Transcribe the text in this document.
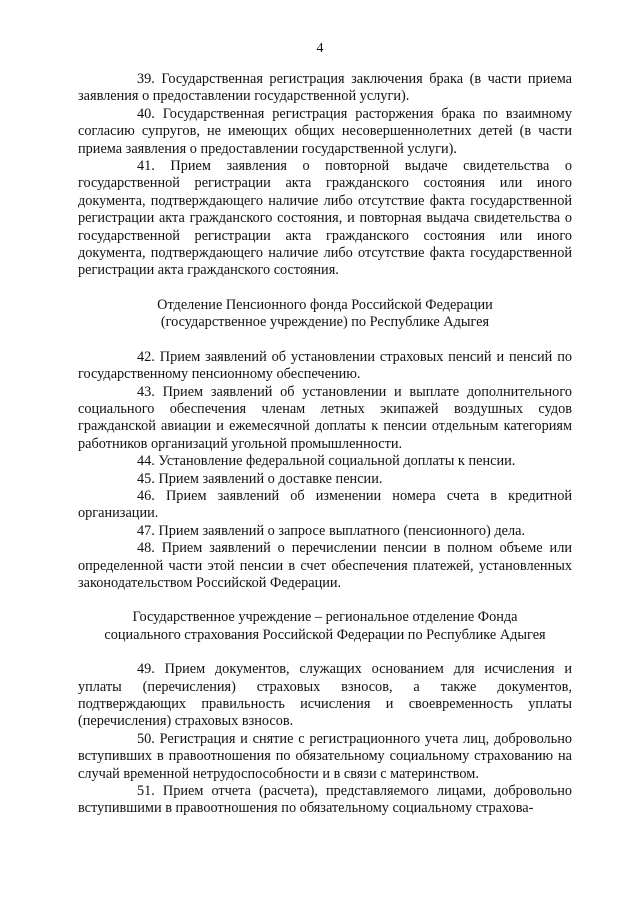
4

39. Государственная регистрация заключения брака (в части приема заявления о предоставлении государственной услуги).

40. Государственная регистрация расторжения брака по взаимному согласию супругов, не имеющих общих несовершеннолетних детей (в части приема заявления о предоставлении государственной услуги).

41. Прием заявления о повторной выдаче свидетельства о государственной регистрации акта гражданского состояния или иного документа, подтверждающего наличие либо отсутствие факта государственной регистрации акта гражданского состояния, и повторная выдача свидетельства о государственной регистрации акта гражданского состояния или иного документа, подтверждающего наличие либо отсутствие факта государственной регистрации акта гражданского состояния.

Отделение Пенсионного фонда Российской Федерации

(государственное учреждение) по Республике Адыгея

42. Прием заявлений об установлении страховых пенсий и пенсий по государственному пенсионному обеспечению.

43. Прием заявлений об установлении и выплате дополнительного социального обеспечения членам летных экипажей воздушных судов гражданской авиации и ежемесячной доплаты к пенсии отдельным категориям работников организаций угольной промышленности.

44. Установление федеральной социальной доплаты к пенсии.

45. Прием заявлений о доставке пенсии.

46. Прием заявлений об изменении номера счета в кредитной организации.

47. Прием заявлений о запросе выплатного (пенсионного) дела.

48. Прием заявлений о перечислении пенсии в полном объеме или определенной части этой пенсии в счет обеспечения платежей, установленных законодательством Российской Федерации.

Государственное учреждение – региональное отделение Фонда

социального страхования Российской Федерации по Республике Адыгея

49. Прием документов, служащих основанием для исчисления и уплаты (перечисления) страховых взносов, а также документов, подтверждающих правильность исчисления и своевременность уплаты (перечисления) страховых взносов.

50. Регистрация и снятие с регистрационного учета лиц, добровольно вступивших в правоотношения по обязательному социальному страхованию на случай временной нетрудоспособности и в связи с материнством.

51. Прием отчета (расчета), представляемого лицами, добровольно вступившими в правоотношения по обязательному социальному страхова-
